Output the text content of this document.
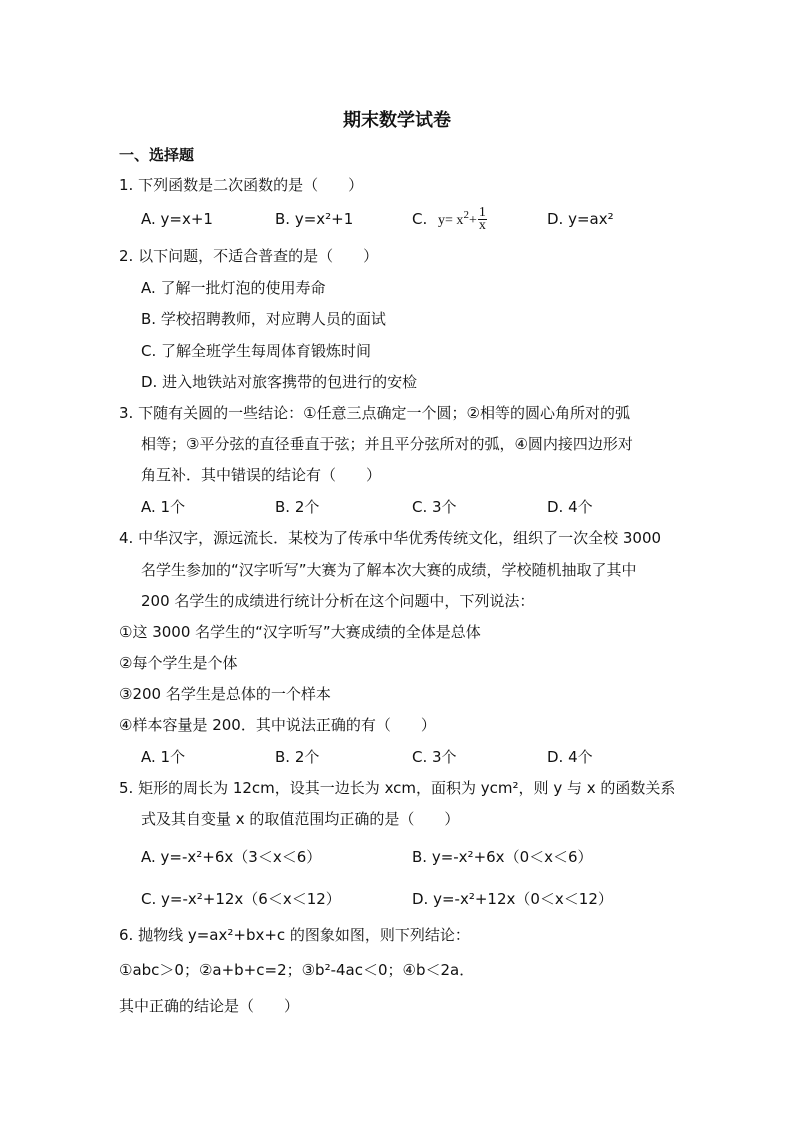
期末数学试卷
一、选择题
1. 下列函数是二次函数的是（　　）
A. y=x+1	B. y=x²+1	C. $y= x^2+ \frac{1}{x}$	D. y=ax²
2. 以下问题，不适合普查的是（　　）
A. 了解一批灯泡的使用寿命
B. 学校招聘教师，对应聘人员的面试
C. 了解全班学生每周体育锻炼时间
D. 进入地铁站对旅客携带的包进行的安检
3. 下随有关圆的一些结论：①任意三点确定一个圆；②相等的圆心角所对的弧
相等；③平分弦的直径垂直于弦；并且平分弦所对的弧，④圆内接四边形对
角互补．其中错误的结论有（　　）
A. 1个	B. 2个	C. 3个	D. 4个
4. 中华汉字，源远流长．某校为了传承中华优秀传统文化，组织了一次全校 3000
名学生参加的“汉字听写”大赛为了解本次大赛的成绩，学校随机抽取了其中
200 名学生的成绩进行统计分析在这个问题中，下列说法：
①这 3000 名学生的“汉字听写”大赛成绩的全体是总体
②每个学生是个体
③200 名学生是总体的一个样本
④样本容量是 200．其中说法正确的有（　　）
A. 1个	B. 2个	C. 3个	D. 4个
5. 矩形的周长为 12cm，设其一边长为 xcm，面积为 ycm²，则 y 与 x 的函数关系
式及其自变量 x 的取值范围均正确的是（　　）
A. y=-x²+6x（3＜x＜6）	B. y=-x²+6x（0＜x＜6）
C. y=-x²+12x（6＜x＜12）	D. y=-x²+12x（0＜x＜12）
6. 抛物线 y=ax²+bx+c 的图象如图，则下列结论：
①abc＞0；②a+b+c=2；③b²-4ac＜0；④b＜2a．
其中正确的结论是（　　）
